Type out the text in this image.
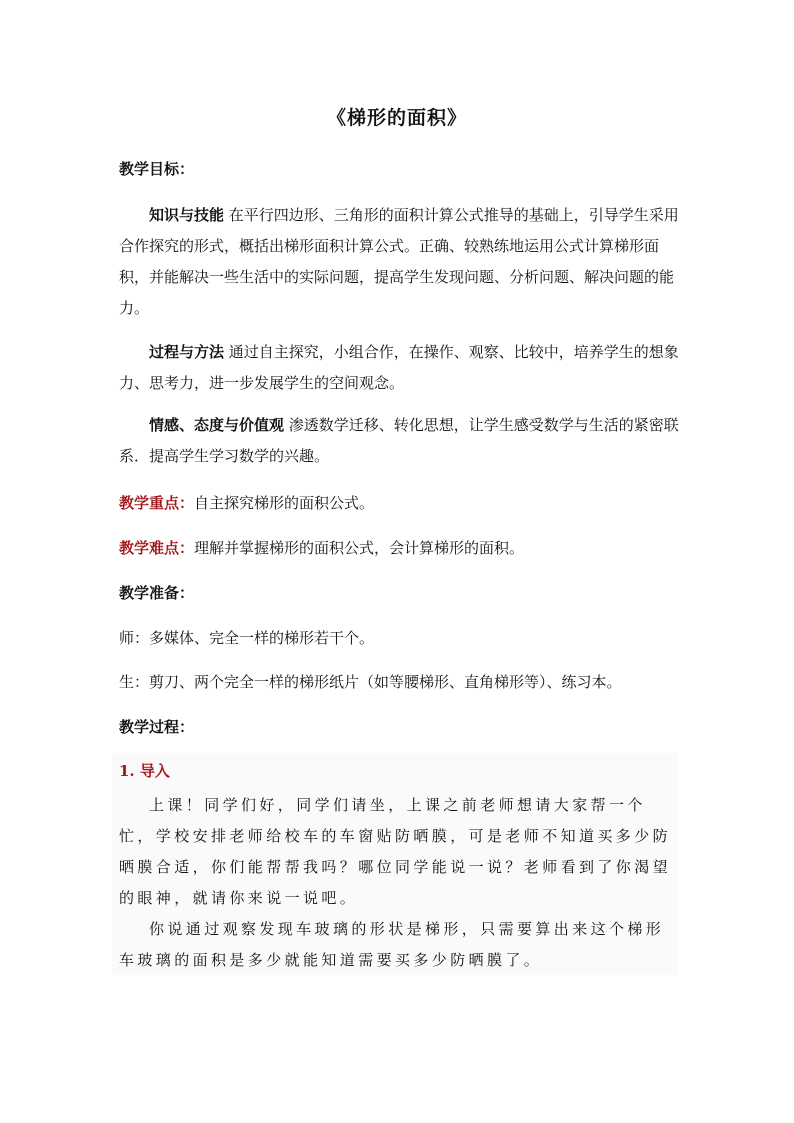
《梯形的面积》
教学目标：
知识与技能 在平行四边形、三角形的面积计算公式推导的基础上，引导学生采用合作探究的形式，概括出梯形面积计算公式。正确、较熟练地运用公式计算梯形面积，并能解决一些生活中的实际问题，提高学生发现问题、分析问题、解决问题的能力。
过程与方法 通过自主探究，小组合作，在操作、观察、比较中，培养学生的想象力、思考力，进一步发展学生的空间观念。
情感、态度与价值观 渗透数学迁移、转化思想，让学生感受数学与生活的紧密联系．提高学生学习数学的兴趣。
教学重点：自主探究梯形的面积公式。
教学难点：理解并掌握梯形的面积公式，会计算梯形的面积。
教学准备：
师：多媒体、完全一样的梯形若干个。
生：剪刀、两个完全一样的梯形纸片（如等腰梯形、直角梯形等）、练习本。
教学过程：
1. 导入
上课！同学们好，同学们请坐，上课之前老师想请大家帮一个忙，学校安排老师给校车的车窗贴防晒膜，可是老师不知道买多少防晒膜合适，你们能帮帮我吗？哪位同学能说一说？老师看到了你渴望的眼神，就请你来说一说吧。
你说通过观察发现车玻璃的形状是梯形，只需要算出来这个梯形车玻璃的面积是多少就能知道需要买多少防晒膜了。
